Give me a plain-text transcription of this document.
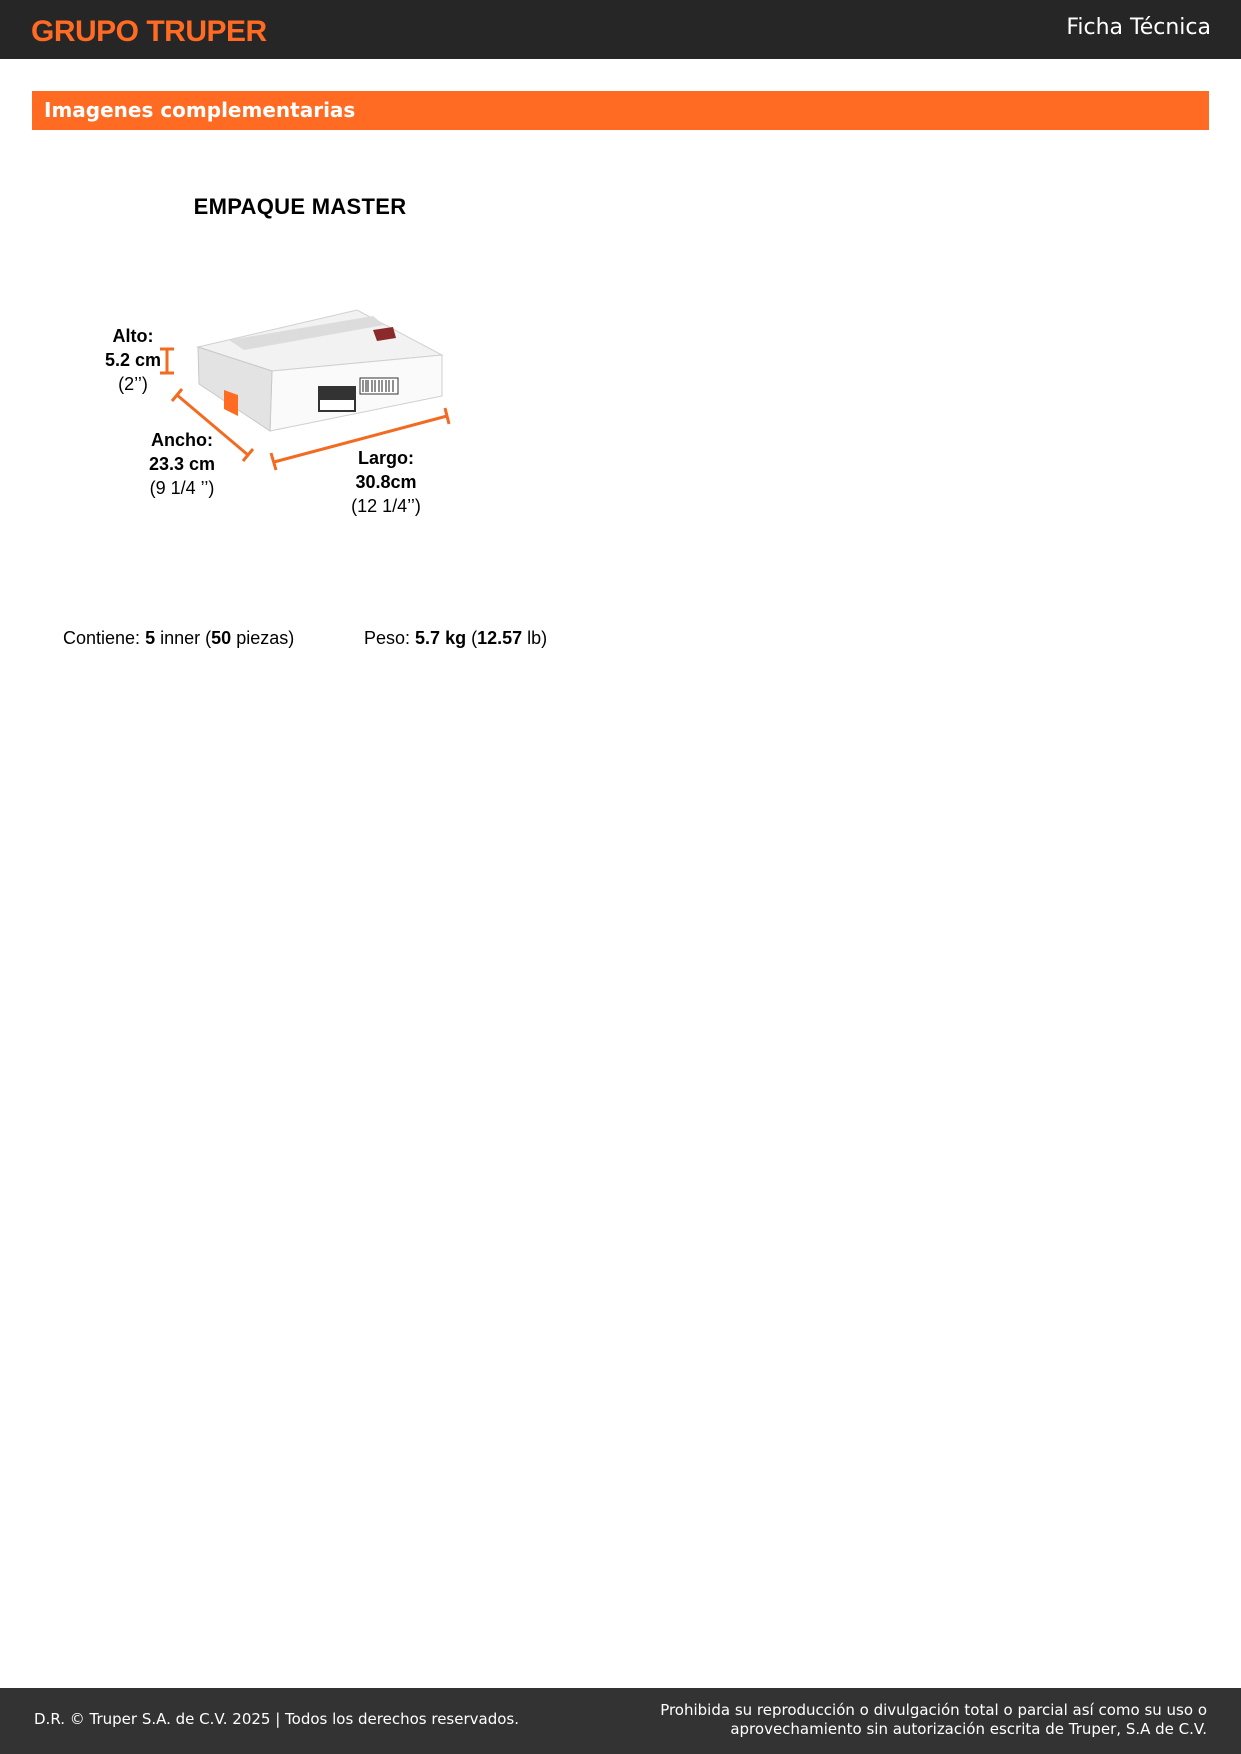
GRUPO TRUPER	Ficha Técnica
Imagenes complementarias
EMPAQUE MASTER
Alto:
5.2 cm
(2’’)
Ancho:
23.3 cm
(9 1/4 ’’)
Largo:
30.8cm
(12 1/4’’)
Contiene: 5 inner (50 piezas)	Peso: 5.7 kg (12.57 lb)
D.R. © Truper S.A. de C.V. 2025 | Todos los derechos reservados.	Prohibida su reproducción o divulgación total o parcial así como su uso o
aprovechamiento sin autorización escrita de Truper, S.A de C.V.
